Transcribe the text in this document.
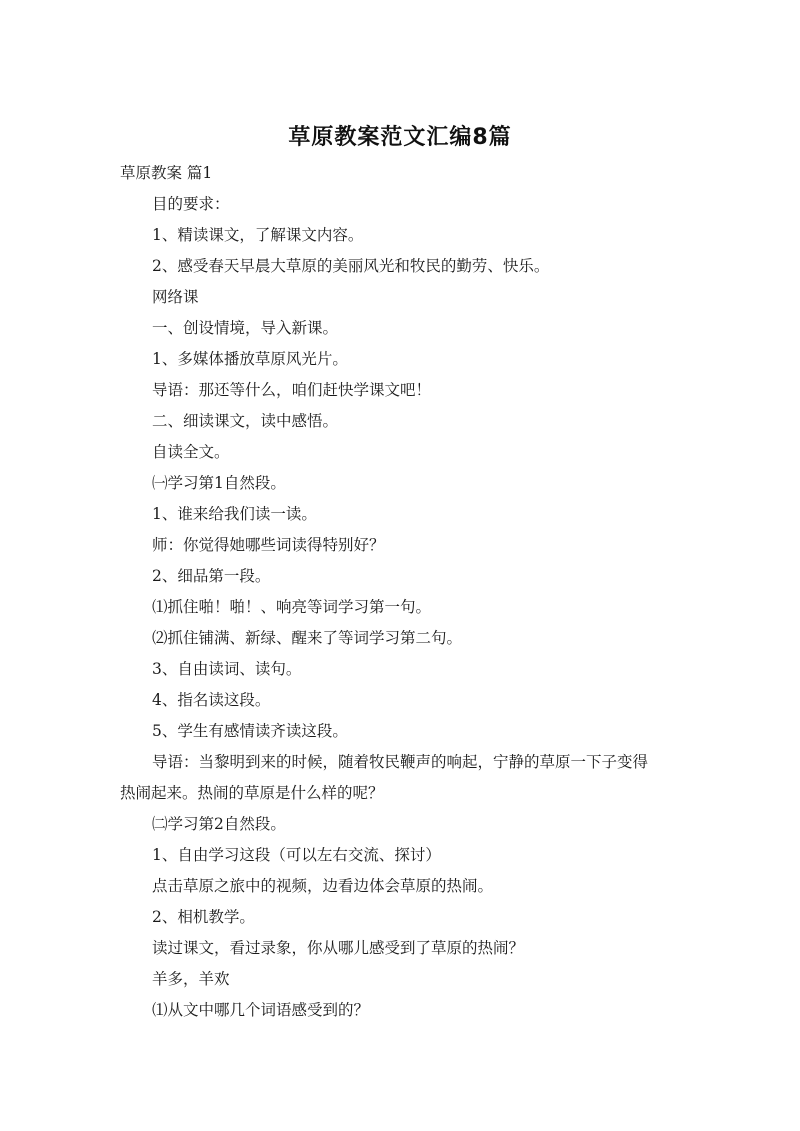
草原教案范文汇编8篇
草原教案 篇1
目的要求：
1、精读课文，了解课文内容。
2、感受春天早晨大草原的美丽风光和牧民的勤劳、快乐。
网络课
一、创设情境，导入新课。
1、多媒体播放草原风光片。
导语：那还等什么，咱们赶快学课文吧！
二、细读课文，读中感悟。
自读全文。
㈠学习第1自然段。
1、谁来给我们读一读。
师：你觉得她哪些词读得特别好？
2、细品第一段。
⑴抓住啪！啪！、响亮等词学习第一句。
⑵抓住铺满、新绿、醒来了等词学习第二句。
3、自由读词、读句。
4、指名读这段。
5、学生有感情读齐读这段。
导语：当黎明到来的时候，随着牧民鞭声的响起，宁静的草原一下子变得
热闹起来。热闹的草原是什么样的呢？
㈡学习第2自然段。
1、自由学习这段（可以左右交流、探讨）
点击草原之旅中的视频，边看边体会草原的热闹。
2、相机教学。
读过课文，看过录象，你从哪儿感受到了草原的热闹？
羊多，羊欢
⑴从文中哪几个词语感受到的？
